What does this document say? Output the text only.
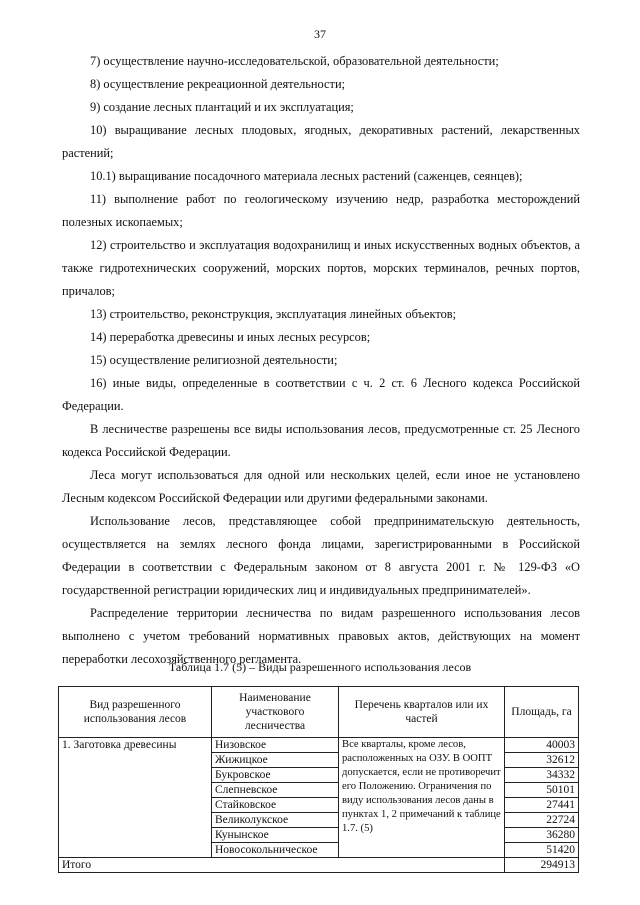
37

7) осуществление научно-исследовательской, образовательной деятельности;

8) осуществление рекреационной деятельности;

9) создание лесных плантаций и их эксплуатация;

10) выращивание лесных плодовых, ягодных, декоративных растений, лекарственных растений;

10.1) выращивание посадочного материала лесных растений (саженцев, сеянцев);

11) выполнение работ по геологическому изучению недр, разработка месторождений полезных ископаемых;

12) строительство и эксплуатация водохранилищ и иных искусственных водных объектов, а также гидротехнических сооружений, морских портов, морских терминалов, речных портов, причалов;

13) строительство, реконструкция, эксплуатация линейных объектов;

14) переработка древесины и иных лесных ресурсов;

15) осуществление религиозной деятельности;

16) иные виды, определенные в соответствии с ч. 2 ст. 6 Лесного кодекса Российской Федерации.

В лесничестве разрешены все виды использования лесов, предусмотренные ст. 25 Лесного кодекса Российской Федерации.

Леса могут использоваться для одной или нескольких целей, если иное не установлено Лесным кодексом Российской Федерации или другими федеральными законами.

Использование лесов, представляющее собой предпринимательскую деятельность, осуществляется на землях лесного фонда лицами, зарегистрированными в Российской Федерации в соответствии с Федеральным законом от 8 августа 2001 г. № 129-ФЗ «О государственной регистрации юридических лиц и индивидуальных предпринимателей».

Распределение территории лесничества по видам разрешенного использования лесов выполнено с учетом требований нормативных правовых актов, действующих на момент переработки лесохозяйственного регламента.

Таблица 1.7 (5) – Виды разрешенного использования лесов
Вид разрешенного использования лесов	Наименование участкового лесничества	Перечень кварталов или их частей	Площадь, га
1. Заготовка древесины	Низовское	Все кварталы, кроме лесов, расположенных на ОЗУ. В ООПТ допускается, если не противоречит его Положению. Ограничения по виду использования лесов даны в пунктах 1, 2 примечаний к таблице 1.7. (5)	40003
	Жижицкое		32612
	Букровское		34332
	Слепневское		50101
	Стайковское		27441
	Великолукское		22724
	Кунынское		36280
	Новосокольническое		51420
Итого			294913
